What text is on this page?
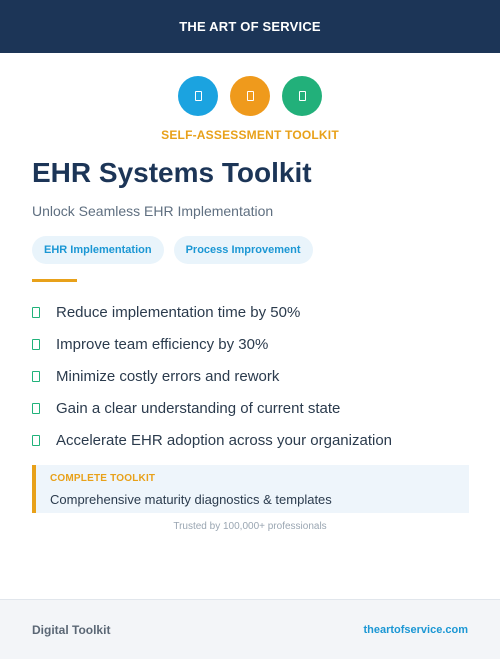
THE ART OF SERVICE
SELF-ASSESSMENT TOOLKIT
EHR Systems Toolkit

Unlock Seamless EHR Implementation

EHR Implementation	Process Improvement
Reduce implementation time by 50%
Improve team efficiency by 30%
Minimize costly errors and rework
Gain a clear understanding of current state
Accelerate EHR adoption across your organization
COMPLETE TOOLKIT
Comprehensive maturity diagnostics & templates
Trusted by 100,000+ professionals
Digital Toolkit	theartofservice.com
